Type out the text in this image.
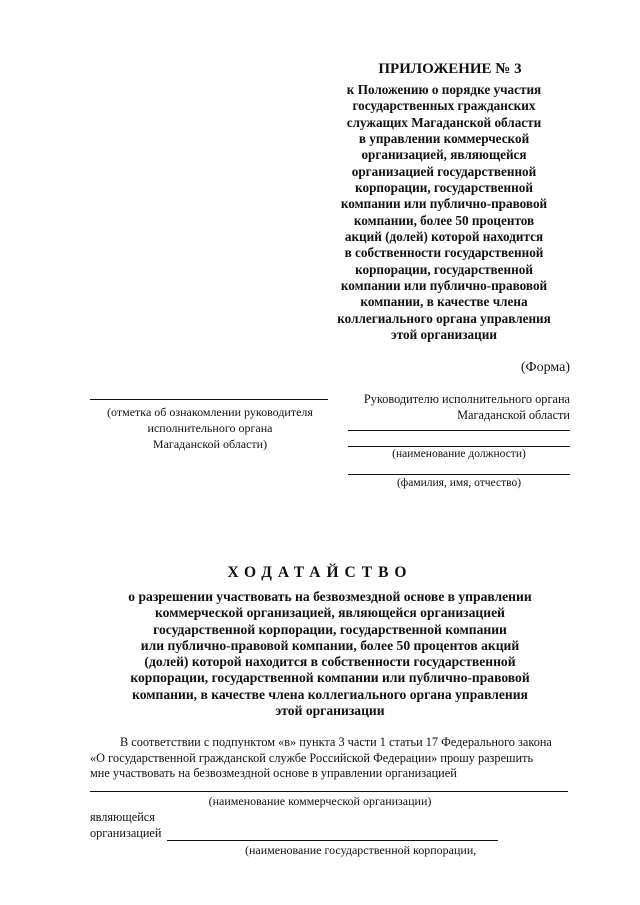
ПРИЛОЖЕНИЕ № 3
к Положению о порядке участия
государственных гражданских
служащих Магаданской области
в управлении коммерческой
организацией, являющейся
организацией государственной
корпорации, государственной
компании или публично-правовой
компании, более 50 процентов
акций (долей) которой находится
в собственности государственной
корпорации, государственной
компании или публично-правовой
компании, в качестве члена
коллегиального органа управления
этой организации
(Форма)
(отметка об ознакомлении руководителя
исполнительного органа
Магаданской области)
Руководителю исполнительного органа
Магаданской области
(наименование должности)
(фамилия, имя, отчество)
ХОДАТАЙСТВО
о разрешении участвовать на безвозмездной основе в управлении
коммерческой организацией, являющейся организацией
государственной корпорации, государственной компании
или публично-правовой компании, более 50 процентов акций
(долей) которой находится в собственности государственной
корпорации, государственной компании или публично-правовой
компании, в качестве члена коллегиального органа управления
этой организации
В соответствии с подпунктом «в» пункта 3 части 1 статьи 17 Федерального закона
«О государственной гражданской службе Российской Федерации» прошу разрешить
мне участвовать на безвозмездной основе в управлении организацией
(наименование коммерческой организации)
являющейся
организацией
(наименование государственной корпорации,
